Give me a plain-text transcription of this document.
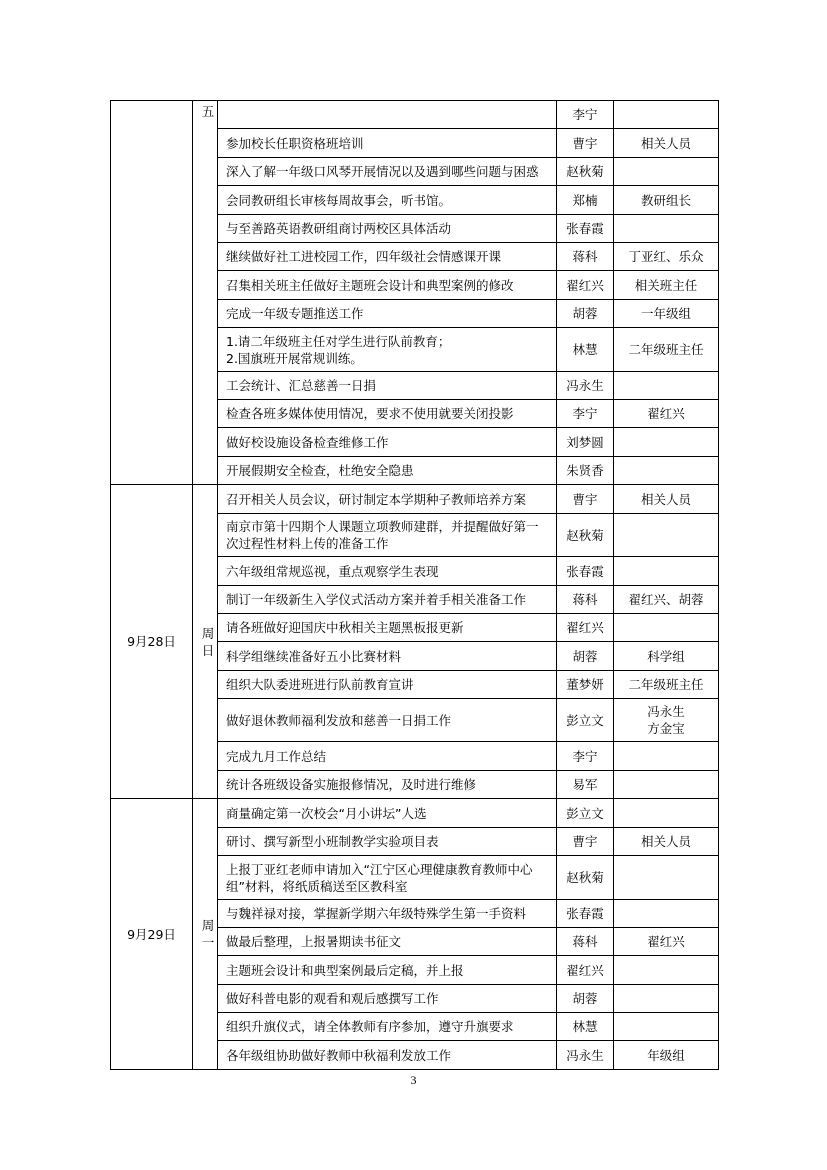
	五		李宁	
		参加校长任职资格班培训	曹宇	相关人员
		深入了解一年级口风琴开展情况以及遇到哪些问题与困惑	赵秋菊	
		会同教研组长审核每周故事会，听书馆。	郑楠	教研组长
		与至善路英语教研组商讨两校区具体活动	张春霞	
		继续做好社工进校园工作，四年级社会情感课开课	蒋科	丁亚红、乐众
		召集相关班主任做好主题班会设计和典型案例的修改	翟红兴	相关班主任
		完成一年级专题推送工作	胡蓉	一年级组

		1.请二年级班主任对学生进行队前教育；
2.国旗班开展常规训练。	林慧	二年级班主任
		工会统计、汇总慈善一日捐	冯永生	
		检查各班多媒体使用情况，要求不使用就要关闭投影	李宁	翟红兴
		做好校设施设备检查维修工作	刘梦圆	
		开展假期安全检查，杜绝安全隐患	朱贤香	
9月28日	周日	召开相关人员会议，研讨制定本学期种子教师培养方案	曹宇	相关人员
		南京市第十四期个人课题立项教师建群，并提醒做好第一次过程性材料上传的准备工作	赵秋菊	
		六年级组常规巡视，重点观察学生表现	张春霞	
		制订一年级新生入学仪式活动方案并着手相关准备工作	蒋科	翟红兴、胡蓉
		请各班做好迎国庆中秋相关主题黑板报更新	翟红兴	
		科学组继续准备好五小比赛材料	胡蓉	科学组
		组织大队委进班进行队前教育宣讲	董梦妍	二年级班主任
		做好退休教师福利发放和慈善一日捐工作	彭立文	冯永生
方金宝

		完成九月工作总结	李宁	
		统计各班级设备实施报修情况，及时进行维修	易军	
9月29日	周一	商量确定第一次校会“月小讲坛”人选	彭立文	
		研讨、撰写新型小班制教学实验项目表	曹宇	相关人员
		上报丁亚红老师申请加入“江宁区心理健康教育教师中心组”材料，将纸质稿送至区教科室	赵秋菊	
		与魏祥禄对接，掌握新学期六年级特殊学生第一手资料	张春霞	
		做最后整理，上报暑期读书征文	蒋科	翟红兴
		主题班会设计和典型案例最后定稿，并上报	翟红兴	
		做好科普电影的观看和观后感撰写工作	胡蓉	
		组织升旗仪式，请全体教师有序参加，遵守升旗要求	林慧	
		各年级组协助做好教师中秋福利发放工作	冯永生	年级组
3
